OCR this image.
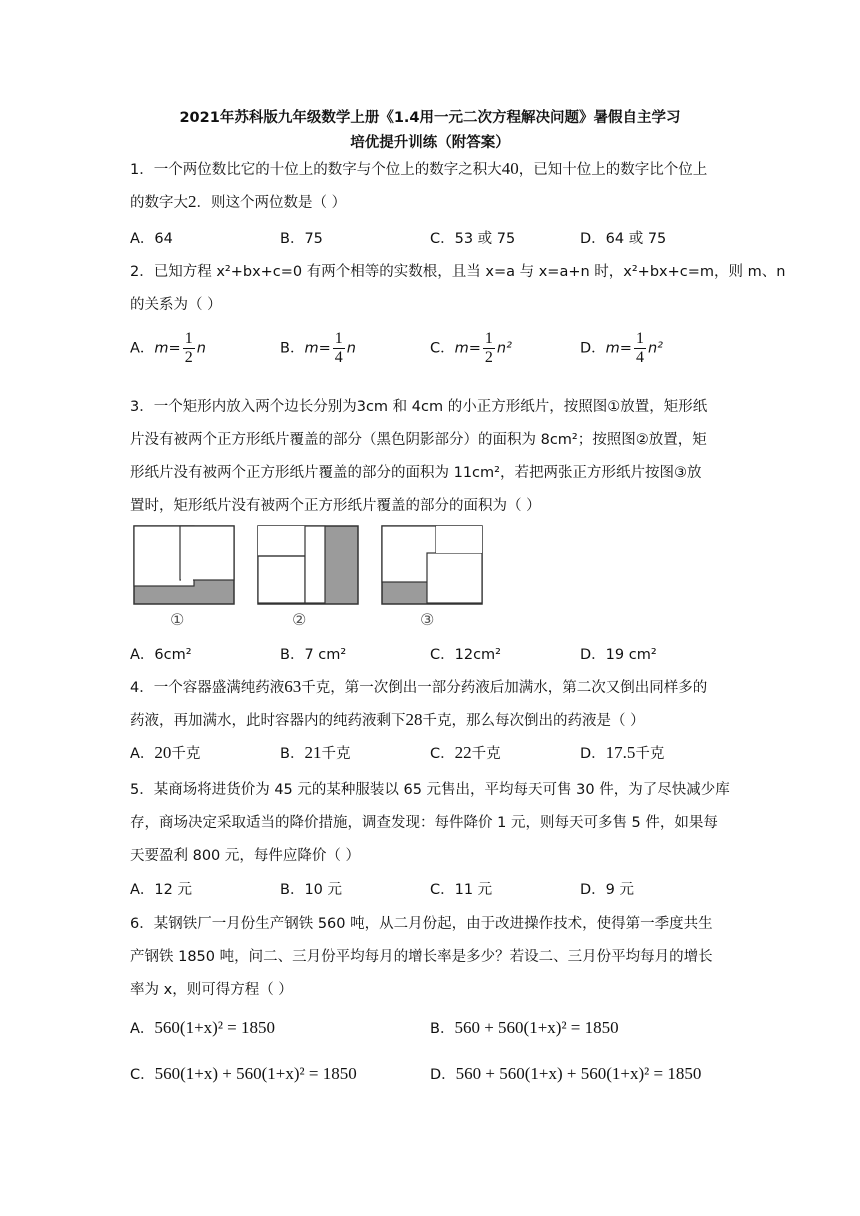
2021年苏科版九年级数学上册《1.4用一元二次方程解决问题》暑假自主学习
培优提升训练（附答案）
1．一个两位数比它的十位上的数字与个位上的数字之积大40，已知十位上的数字比个位上
的数字大2．则这个两位数是（ ）
A．64	B．75	C．53 或 75	D．64 或 75
2．已知方程 x²+bx+c=0 有两个相等的实数根，且当 x=a 与 x=a+n 时，x²+bx+c=m，则 m、n
的关系为（ ）
A．$m= \frac{1}{2}$ n	B．$m= \frac{1}{4}$ n	C．$m= \frac{1}{2} n^2$	D．$m= \frac{1}{4} n^2$
3．一个矩形内放入两个边长分别为3cm 和 4cm 的小正方形纸片，按照图①放置，矩形纸
片没有被两个正方形纸片覆盖的部分（黑色阴影部分）的面积为 8cm²；按照图②放置，矩
形纸片没有被两个正方形纸片覆盖的部分的面积为 11cm²，若把两张正方形纸片按图③放
置时，矩形纸片没有被两个正方形纸片覆盖的部分的面积为（ ）
①	②	③
A．6cm²	B．7 cm²	C．12cm²	D．19 cm²
4．一个容器盛满纯药液63千克，第一次倒出一部分药液后加满水，第二次又倒出同样多的
药液，再加满水，此时容器内的纯药液剩下28千克，那么每次倒出的药液是（ ）
A．20千克	B．21千克	C．22千克	D．17.5千克
5．某商场将进货价为 45 元的某种服装以 65 元售出，平均每天可售 30 件，为了尽快减少库
存，商场决定采取适当的降价措施，调查发现：每件降价 1 元，则每天可多售 5 件，如果每
天要盈利 800 元，每件应降价（ ）
A．12 元	B．10 元	C．11 元	D．9 元
6．某钢铁厂一月份生产钢铁 560 吨，从二月份起，由于改进操作技术，使得第一季度共生
产钢铁 1850 吨，问二、三月份平均每月的增长率是多少？若设二、三月份平均每月的增长
率为 x，则可得方程（ ）
A．560(1+x)² = 1850	B．560 + 560(1+x)² = 1850
C．560(1+x) + 560(1+x)² = 1850	D．560 + 560(1+x) + 560(1+x)² = 1850
